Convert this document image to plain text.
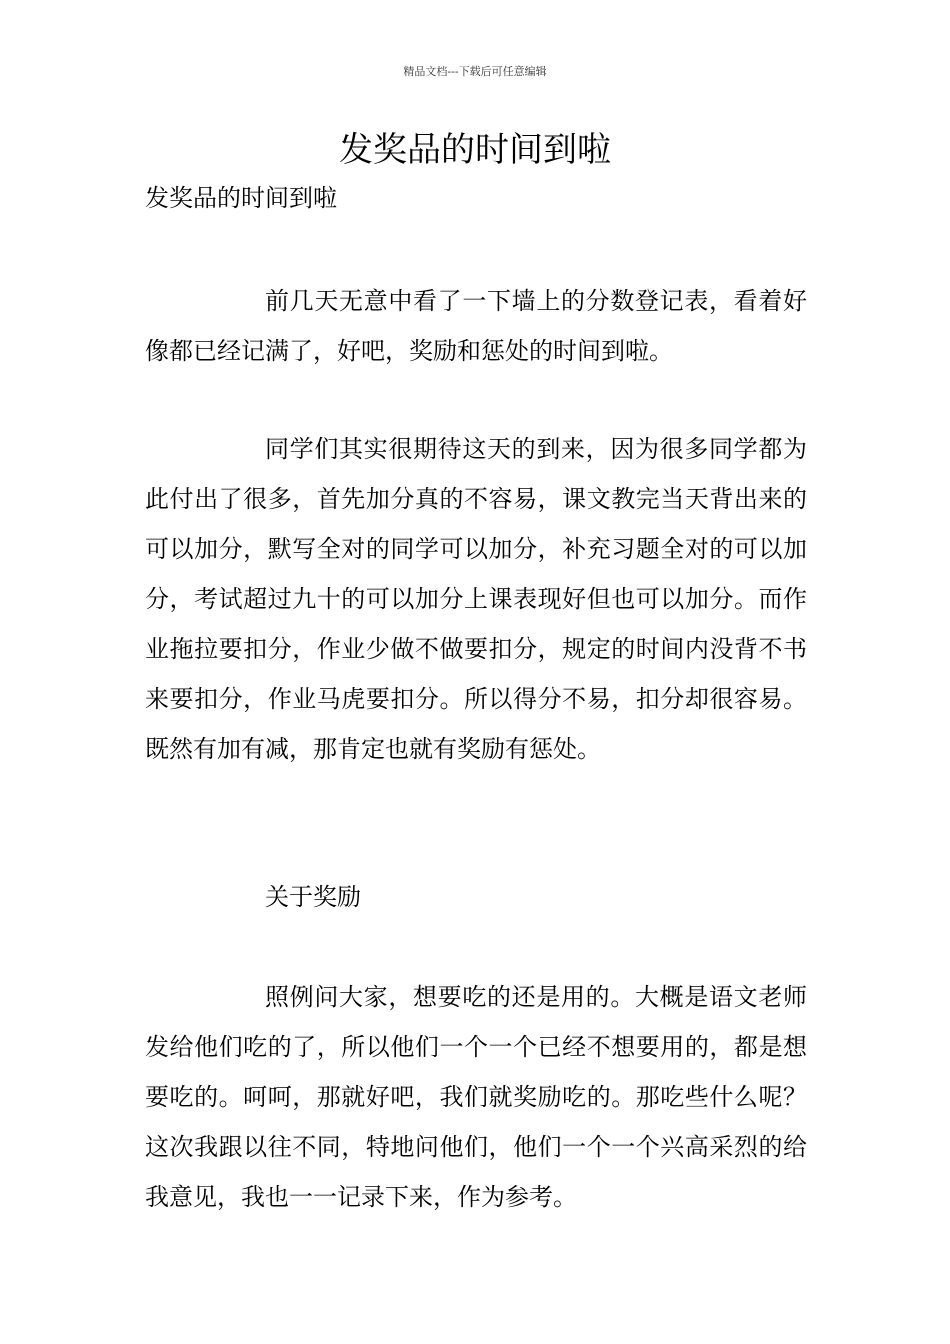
精品文档---下载后可任意编辑
发奖品的时间到啦
发奖品的时间到啦

前几天无意中看了一下墙上的分数登记表，看着好像都已经记满了，好吧，奖励和惩处的时间到啦。

同学们其实很期待这天的到来，因为很多同学都为此付出了很多，首先加分真的不容易，课文教完当天背出来的可以加分，默写全对的同学可以加分，补充习题全对的可以加分，考试超过九十的可以加分上课表现好但也可以加分。而作业拖拉要扣分，作业少做不做要扣分，规定的时间内没背不书来要扣分，作业马虎要扣分。所以得分不易，扣分却很容易。既然有加有减，那肯定也就有奖励有惩处。

关于奖励

照例问大家，想要吃的还是用的。大概是语文老师发给他们吃的了，所以他们一个一个已经不想要用的，都是想要吃的。呵呵，那就好吧，我们就奖励吃的。那吃些什么呢？这次我跟以往不同，特地问他们，他们一个一个兴高采烈的给我意见，我也一一记录下来，作为参考。
